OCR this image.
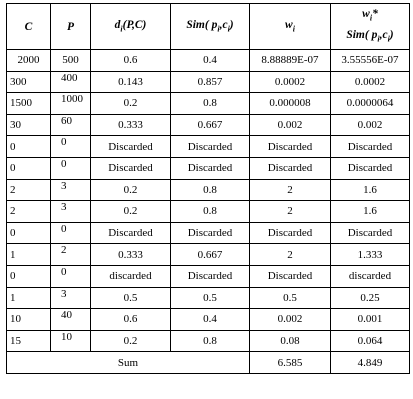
C	P	$d_i(P,C)$	Sim( $p_i,c_i$)	$w_i$	$w_i*$
Sim( $p_i,c_i$)

2000	500	0.6	0.4	8.88889E-07	3.55556E-07
300	400	0.143	0.857	0.0002	0.0002
1500	1000	0.2	0.8	0.000008	0.0000064
30	60	0.333	0.667	0.002	0.002
0	0	Discarded	Discarded	Discarded	Discarded
0	0	Discarded	Discarded	Discarded	Discarded
2	3	0.2	0.8	2	1.6
2	3	0.2	0.8	2	1.6
0	0	Discarded	Discarded	Discarded	Discarded
1	2	0.333	0.667	2	1.333
0	0	discarded	Discarded	Discarded	discarded
1	3	0.5	0.5	0.5	0.25
10	40	0.6	0.4	0.002	0.001
15	10	0.2	0.8	0.08	0.064
Sum				6.585	4.849
